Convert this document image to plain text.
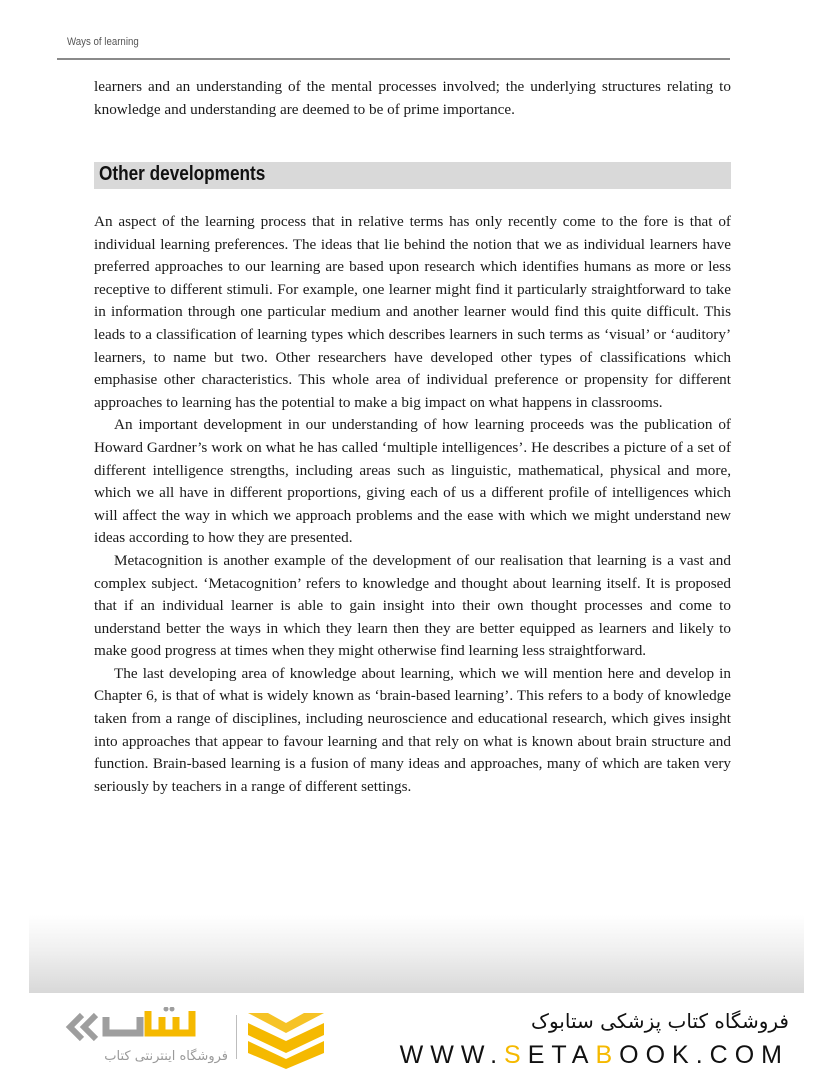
Ways of learning

learners and an understanding of the mental processes involved; the underlying structures relating to knowledge and understanding are deemed to be of prime importance.

Other developments

An aspect of the learning process that in relative terms has only recently come to the fore is that of individual learning preferences. The ideas that lie behind the notion that we as individual learners have preferred approaches to our learning are based upon research which identifies humans as more or less receptive to different stimuli. For example, one learner might find it particularly straightforward to take in information through one particular medium and another learner would find this quite difficult. This leads to a classification of learning types which describes learners in such terms as ‘visual’ or ‘auditory’ learners, to name but two. Other researchers have developed other types of classifications which emphasise other characteristics. This whole area of individual preference or propensity for different approaches to learning has the potential to make a big impact on what happens in classrooms.

An important development in our understanding of how learning proceeds was the publication of Howard Gardner’s work on what he has called ‘multiple intelligences’. He describes a picture of a set of different intelligence strengths, including areas such as linguistic, mathematical, physical and more, which we all have in different proportions, giving each of us a different profile of intelligences which will affect the way in which we approach problems and the ease with which we might understand new ideas according to how they are presented.

Metacognition is another example of the development of our realisation that learning is a vast and complex subject. ‘Metacognition’ refers to knowledge and thought about learning itself. It is proposed that if an individual learner is able to gain insight into their own thought processes and come to understand better the ways in which they learn then they are better equipped as learners and likely to make good progress at times when they might otherwise find learning less straightforward.

The last developing area of knowledge about learning, which we will mention here and develop in Chapter 6, is that of what is widely known as ‘brain-based learning’. This refers to a body of knowledge taken from a range of disciplines, including neuroscience and educational research, which gives insight into approaches that appear to favour learning and that rely on what is known about brain structure and function. Brain-based learning is a fusion of many ideas and approaches, many of which are taken very seriously by teachers in a range of different settings.

فروشگاه اینترنتی کتاب
فروشگاه کتاب پزشکی ستابوک
WWW.SETABOOK.COM
